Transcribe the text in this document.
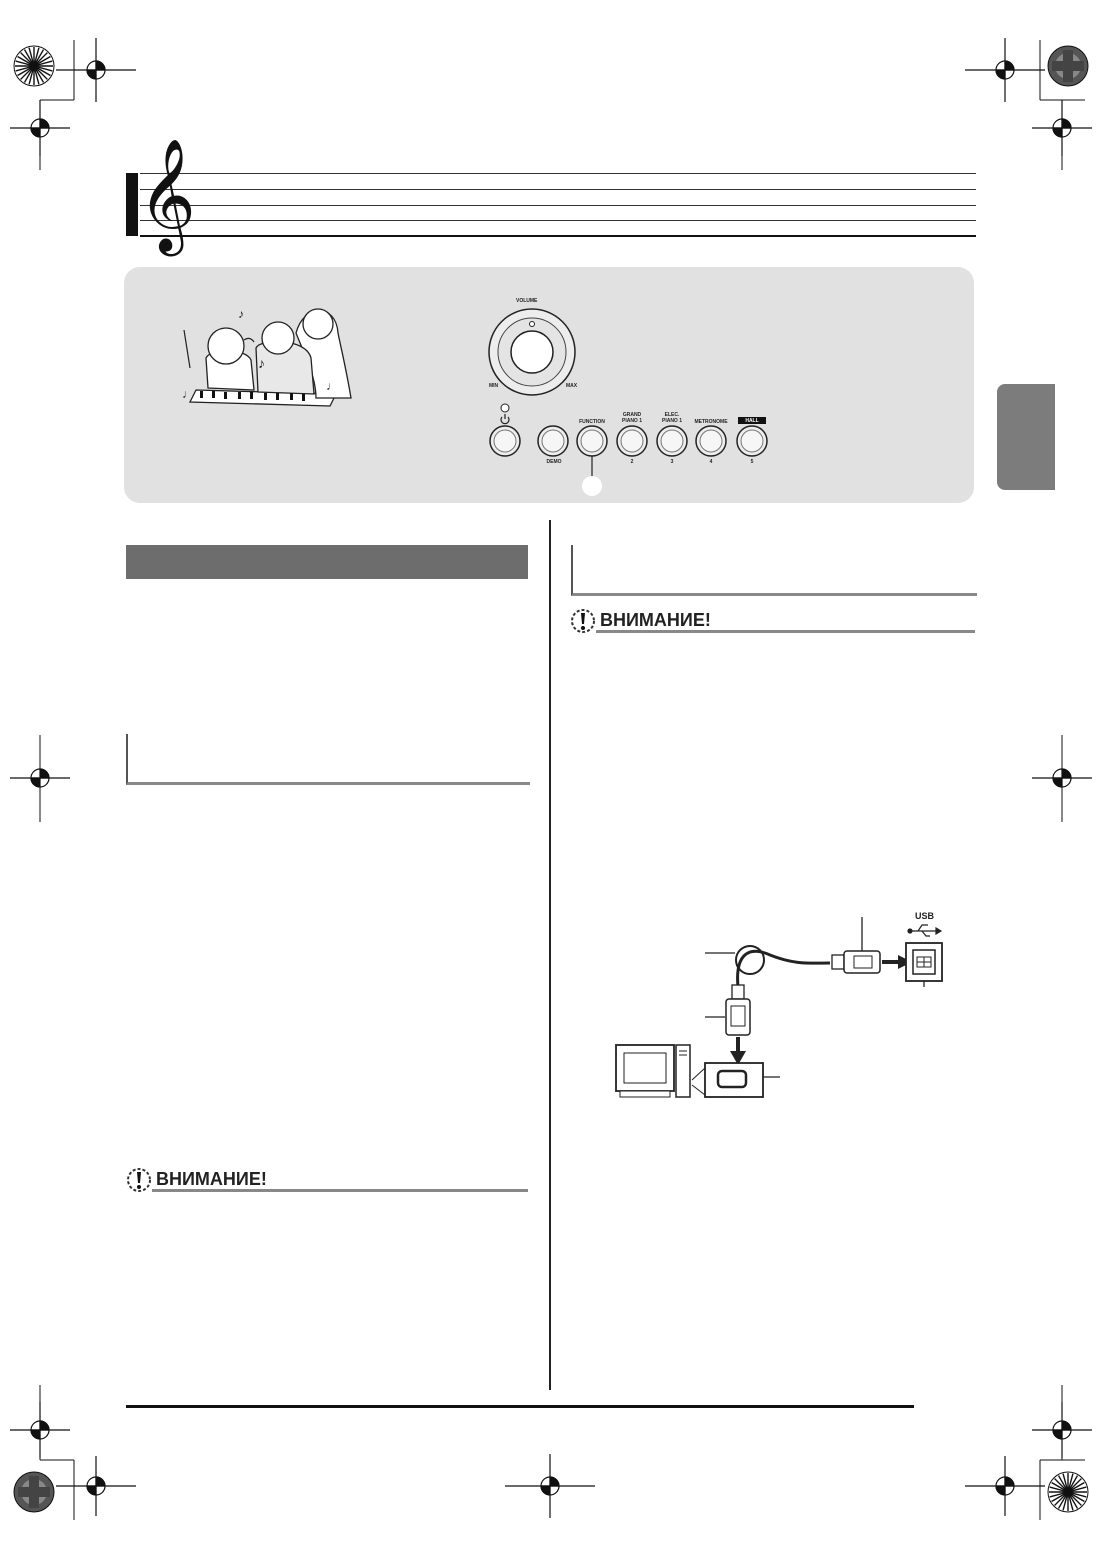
𝄞
♪
♪
♩
♩
VOLUME
MIN	MAX
FUNCTION
GRAND
PIANO 1
ELEC.
PIANO 1	METRONOME	HALL
DEMO	2	3	4	5
ВНИМАНИЕ!
ВНИМАНИЕ!
USB
